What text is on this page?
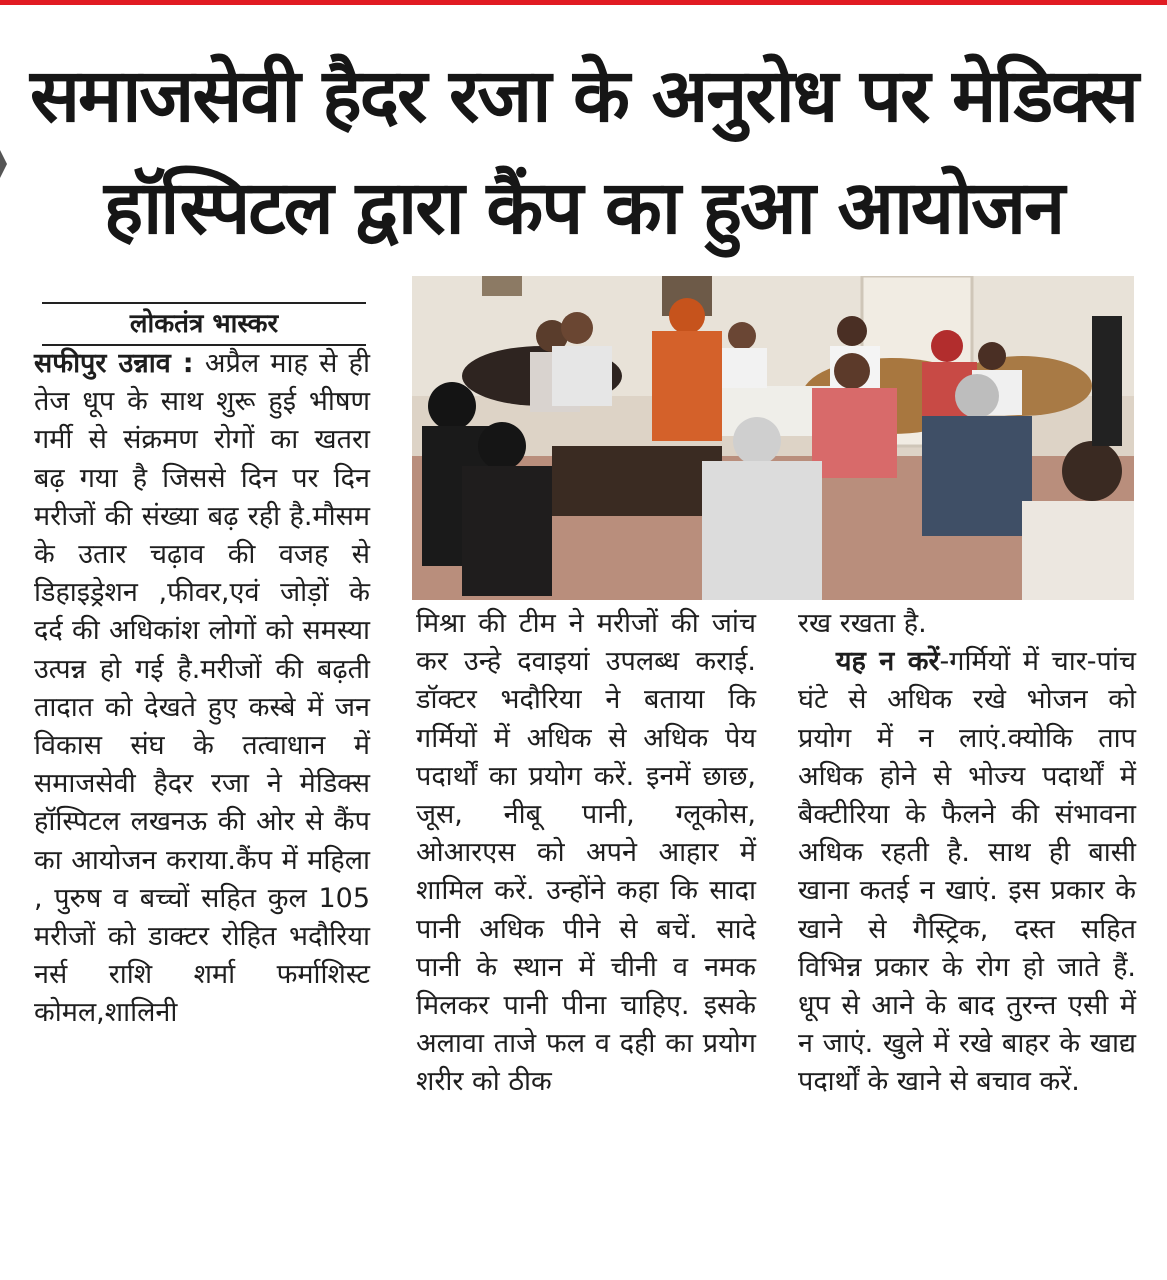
समाजसेवी हैदर रजा के अनुरोध पर मेडिक्स
हॉस्पिटल द्वारा कैंप का हुआ आयोजन
लोकतंत्र भास्कर

सफीपुर उन्नाव : अप्रैल माह से ही तेज धूप के साथ शुरू हुई भीषण गर्मी से संक्रमण रोगों का खतरा बढ़ गया है जिससे दिन पर दिन मरीजों की संख्या बढ़ रही है.मौसम के उतार चढ़ाव की वजह से डिहाइड्रेशन ,फीवर,एवं जोड़ों के दर्द की अधिकांश लोगों को समस्या उत्पन्न हो गई है.मरीजों की बढ़ती तादात को देखते हुए कस्बे में जन विकास संघ के तत्वाधान में समाजसेवी हैदर रजा ने मेडिक्स हॉस्पिटल लखनऊ की ओर से कैंप का आयोजन कराया.कैंप में महिला , पुरुष व बच्चों सहित कुल 105 मरीजों को डाक्टर रोहित भदौरिया नर्स राशि शर्मा फर्माशिस्ट कोमल,शालिनी

मिश्रा की टीम ने मरीजों की जांच कर उन्हे दवाइयां उपलब्ध कराई. डॉक्टर भदौरिया ने बताया कि गर्मियों में अधिक से अधिक पेय पदार्थों का प्रयोग करें. इनमें छाछ, जूस, नीबू पानी, ग्लूकोस, ओआरएस को अपने आहार में शामिल करें. उन्होंने कहा कि सादा पानी अधिक पीने से बचें. सादे पानी के स्थान में चीनी व नमक मिलकर पानी पीना चाहिए. इसके अलावा ताजे फल व दही का प्रयोग शरीर को ठीक

रख रखता है.

यह न करें-गर्मियों में चार-पांच घंटे से अधिक रखे भोजन को प्रयोग में न लाएं.क्योकि ताप अधिक होने से भोज्य पदार्थों में बैक्टीरिया के फैलने की संभावना अधिक रहती है. साथ ही बासी खाना कतई न खाएं. इस प्रकार के खाने से गैस्ट्रिक, दस्त सहित विभिन्न प्रकार के रोग हो जाते हैं. धूप से आने के बाद तुरन्त एसी में न जाएं. खुले में रखे बाहर के खाद्य पदार्थों के खाने से बचाव करें.
